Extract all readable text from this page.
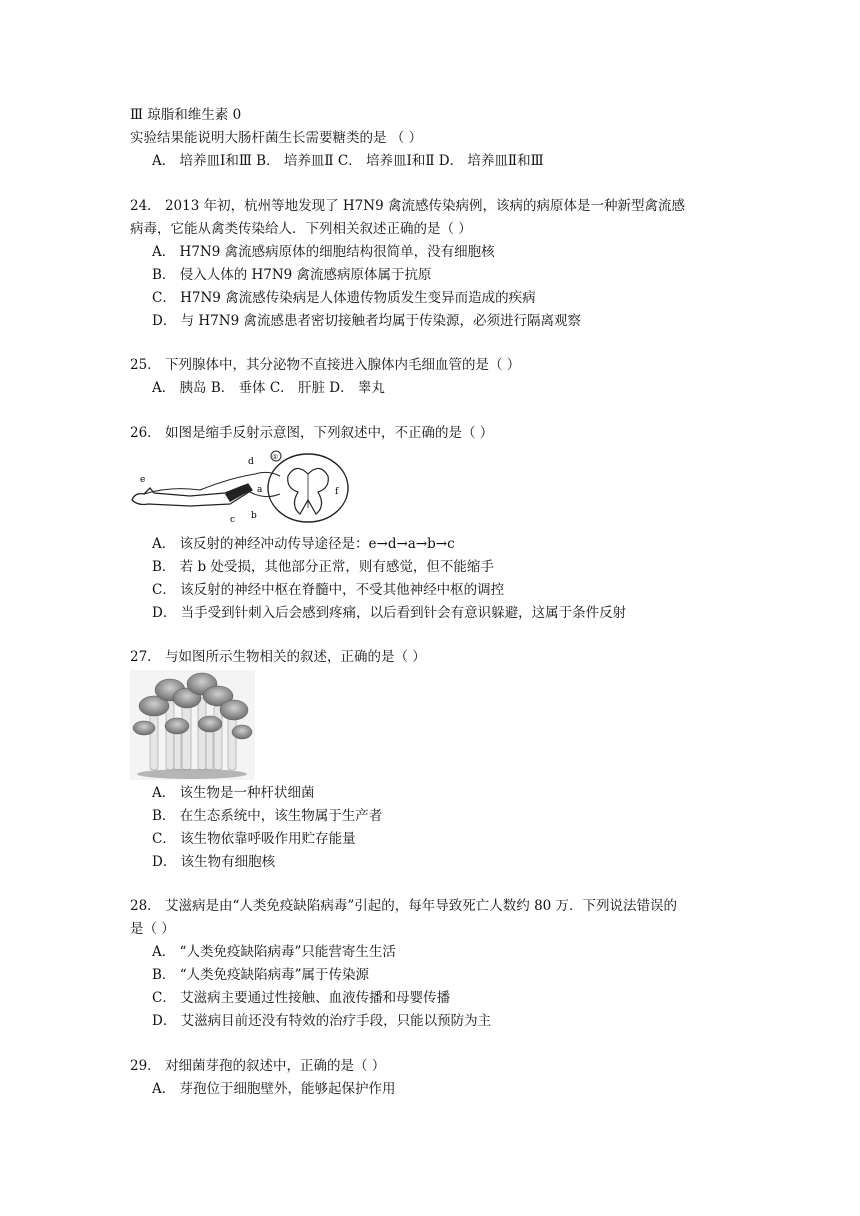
Ⅲ 琼脂和维生素 0
实验结果能说明大肠杆菌生长需要糖类的是 （ ）
A． 培养皿Ⅰ和Ⅲ B． 培养皿Ⅱ C． 培养皿Ⅰ和Ⅱ D． 培养皿Ⅱ和Ⅲ
24． 2013 年初，杭州等地发现了 H7N9 禽流感传染病例，该病的病原体是一种新型禽流感
病毒，它能从禽类传染给人．下列相关叙述正确的是（ ）
A． H7N9 禽流感病原体的细胞结构很简单，没有细胞核
B． 侵入人体的 H7N9 禽流感病原体属于抗原
C． H7N9 禽流感传染病是人体遗传物质发生变异而造成的疾病
D． 与 H7N9 禽流感患者密切接触者均属于传染源，必须进行隔离观察
25． 下列腺体中，其分泌物不直接进入腺体内毛细血管的是（ ）
A． 胰岛 B． 垂体 C． 肝脏 D． 睾丸
26． 如图是缩手反射示意图，下列叙述中，不正确的是（ ）
e
d
a
b
c
f
①
A． 该反射的神经冲动传导途径是：e→d→a→b→c
B． 若 b 处受损，其他部分正常，则有感觉，但不能缩手
C． 该反射的神经中枢在脊髓中，不受其他神经中枢的调控
D． 当手受到针刺入后会感到疼痛，以后看到针会有意识躲避，这属于条件反射
27． 与如图所示生物相关的叙述，正确的是（ ）
A． 该生物是一种杆状细菌
B． 在生态系统中，该生物属于生产者
C． 该生物依靠呼吸作用贮存能量
D． 该生物有细胞核
28． 艾滋病是由“人类免疫缺陷病毒”引起的，每年导致死亡人数约 80 万．下列说法错误的
是（ ）
A． “人类免疫缺陷病毒”只能营寄生生活
B． “人类免疫缺陷病毒”属于传染源
C． 艾滋病主要通过性接触、血液传播和母婴传播
D． 艾滋病目前还没有特效的治疗手段，只能以预防为主
29． 对细菌芽孢的叙述中，正确的是（ ）
A． 芽孢位于细胞壁外，能够起保护作用
